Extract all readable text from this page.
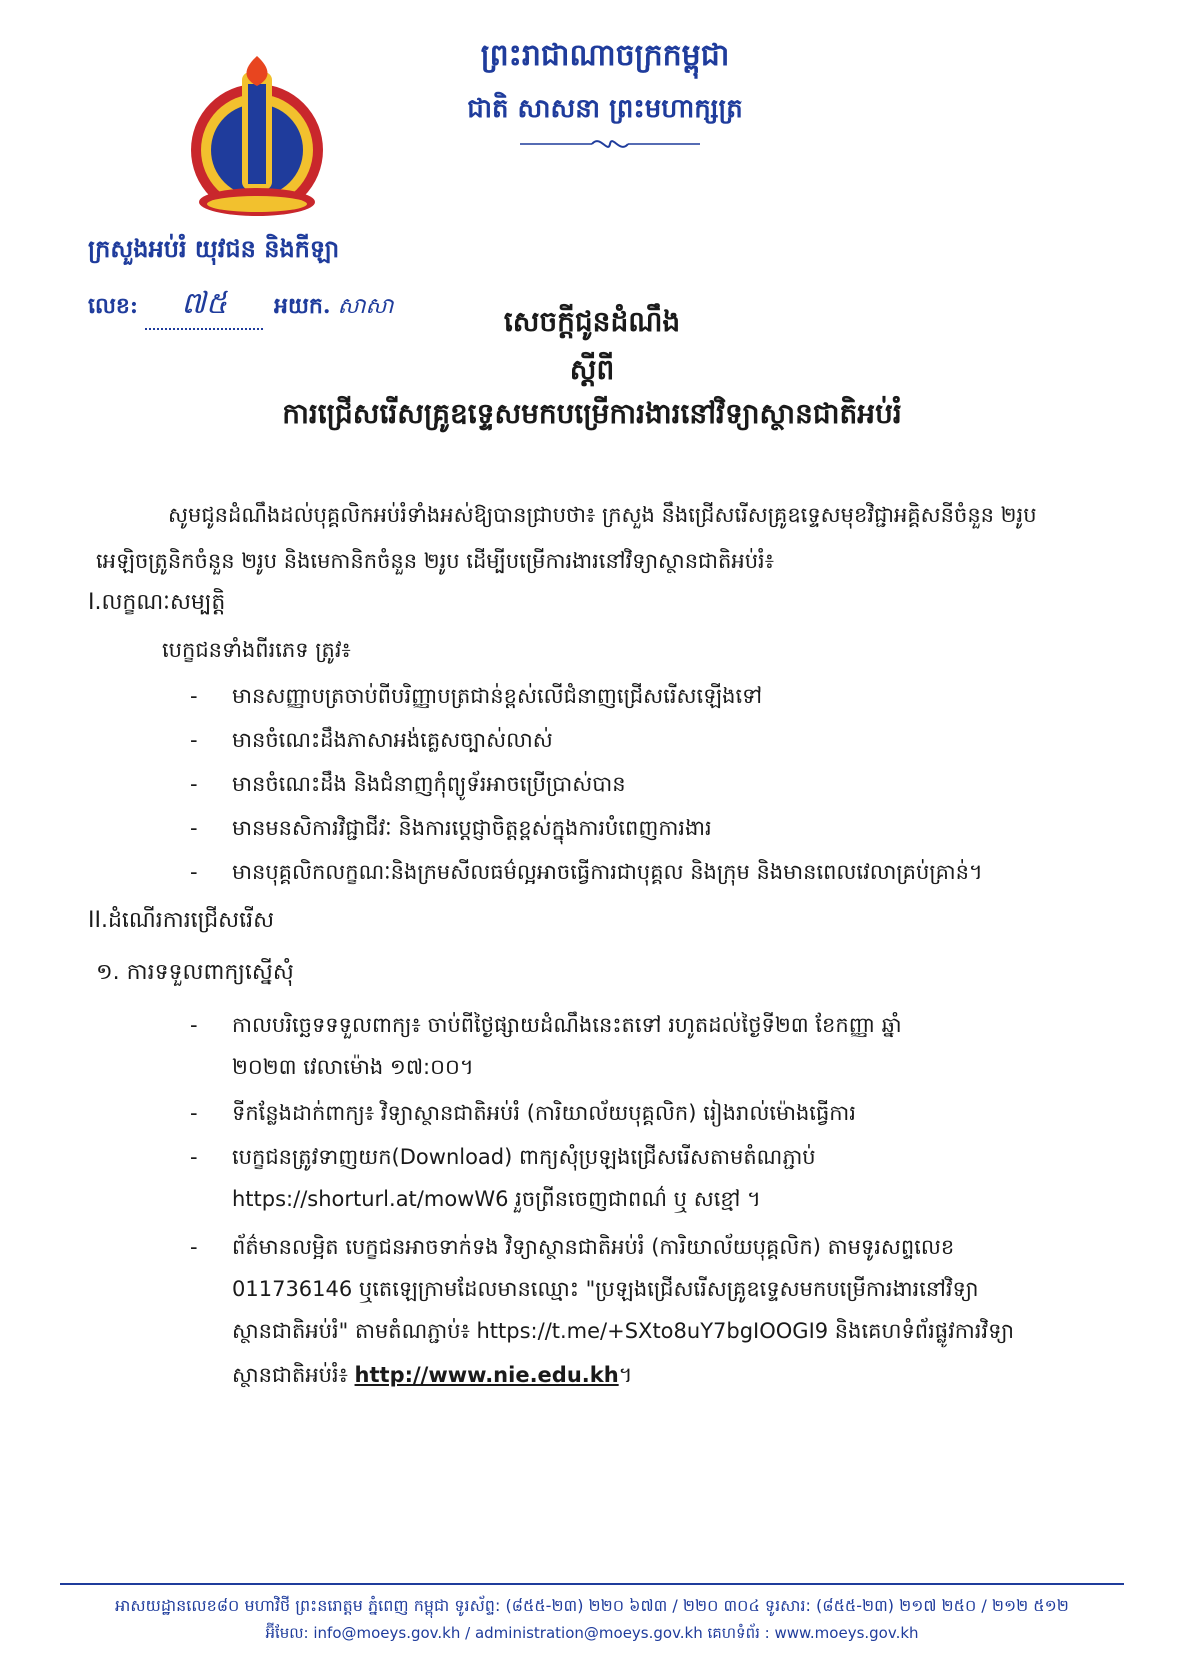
ព្រះរាជាណាចក្រកម្ពុជា
ជាតិ សាសនា ព្រះមហាក្សត្រ
ក្រសួងអប់រំ យុវជន និងកីឡា
លេខ: ៧៥ អយក. សាសា	សេចក្តីជូនដំណឹង
ស្តីពី
ការជ្រើសរើសគ្រូឧទ្ទេសមកបម្រើការងារនៅវិទ្យាស្ថានជាតិអប់រំ
សូមជូនដំណឹងដល់បុគ្គលិកអប់រំទាំងអស់ឱ្យបានជ្រាបថា៖ ក្រសួង នឹងជ្រើសរើសគ្រូឧទ្ទេសមុខវិជ្ជាអគ្គិសនីចំនួន ២រូប អេឡិចត្រូនិកចំនួន ២រូប និងមេកានិកចំនួន ២រូប ដើម្បីបម្រើការងារនៅវិទ្យាស្ថានជាតិអប់រំ៖
I.លក្ខណៈសម្បត្តិ
បេក្ខជនទាំងពីរភេទ ត្រូវ៖
- មានសញ្ញាបត្រចាប់ពីបរិញ្ញាបត្រជាន់ខ្ពស់លើជំនាញជ្រើសរើសឡើងទៅ
- មានចំណេះដឹងភាសាអង់គ្លេសច្បាស់លាស់
- មានចំណេះដឹង និងជំនាញកុំព្យូទ័រអាចប្រើប្រាស់បាន
- មានមនសិការវិជ្ជាជីវៈ និងការប្តេជ្ញាចិត្តខ្ពស់ក្នុងការបំពេញការងារ
- មានបុគ្គលិកលក្ខណៈនិងក្រមសីលធម៌ល្អអាចធ្វើការជាបុគ្គល និងក្រុម និងមានពេលវេលាគ្រប់គ្រាន់។
II.ដំណើរការជ្រើសរើស
១. ការទទួលពាក្យស្នើសុំ
- កាលបរិច្ឆេទទទួលពាក្យ៖ ចាប់ពីថ្ងៃផ្សាយដំណឹងនេះតទៅ រហូតដល់ថ្ងៃទី២៣ ខែកញ្ញា ឆ្នាំ
២០២៣ វេលាម៉ោង ១៧:០០។
- ទីកន្លែងដាក់ពាក្យ៖ វិទ្យាស្ថានជាតិអប់រំ (ការិយាល័យបុគ្គលិក) រៀងរាល់ម៉ោងធ្វើការ
- បេក្ខជនត្រូវទាញយក(Download) ពាក្យសុំប្រឡងជ្រើសរើសតាមតំណភ្ជាប់
https://shorturl.at/mowW6 រួចព្រីនចេញជាពណ៌ ឬ សខ្មៅ ។
- ព័ត៌មានលម្អិត បេក្ខជនអាចទាក់ទង វិទ្យាស្ថានជាតិអប់រំ (ការិយាល័យបុគ្គលិក) តាមទូរសព្ទលេខ
011736146 ឬតេឡេក្រាមដែលមានឈ្មោះ "ប្រឡងជ្រើសរើសគ្រូឧទ្ទេសមកបម្រើការងារនៅវិទ្យា
ស្ថានជាតិអប់រំ" តាមតំណភ្ជាប់៖ https://t.me/+SXto8uY7bgIOOGI9 និងគេហទំព័រផ្លូវការវិទ្យា
ស្ថានជាតិអប់រំ៖ http://www.nie.edu.kh។
អាសយដ្ឋានលេខ៨០ មហាវិថី ព្រះនរោត្តម ភ្នំពេញ កម្ពុជា ទូរស័ព្ទ: (៨៥៥-២៣) ២២០ ៦៧៣ / ២២០ ៣០៤ ទូរសារ: (៨៥៥-២៣) ២១៧ ២៥០ / ២១២ ៥១២
អ៊ីមែល: info@moeys.gov.kh / administration@moeys.gov.kh គេហទំព័រ : www.moeys.gov.kh
